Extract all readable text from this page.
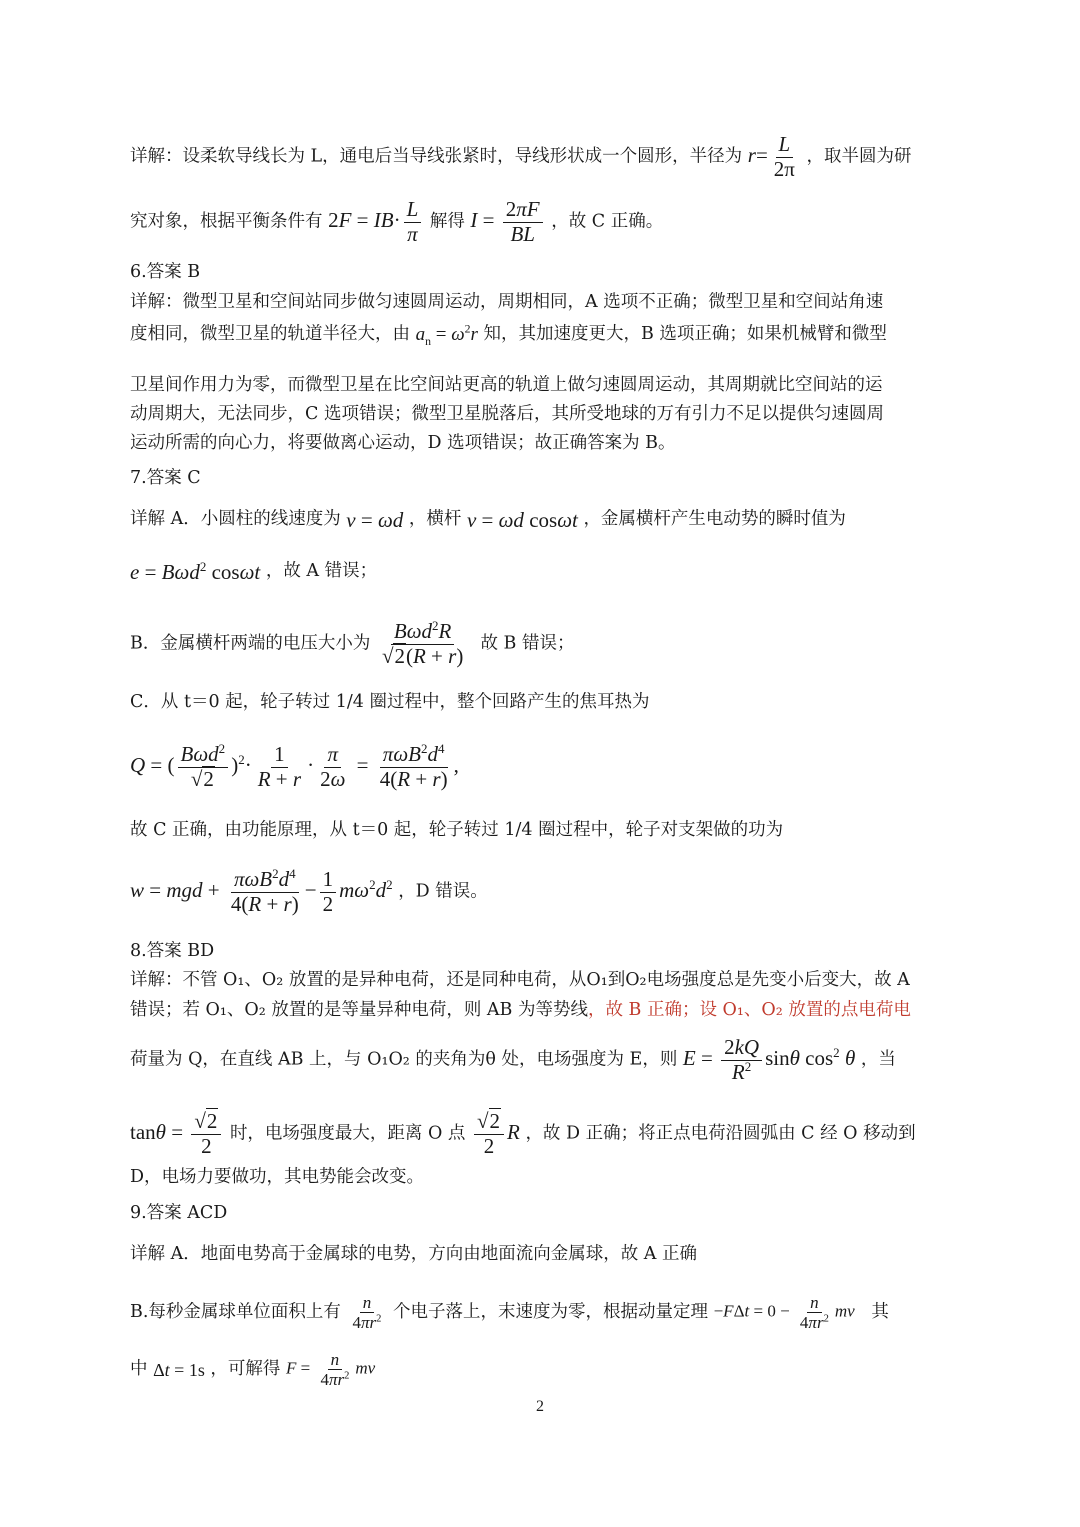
详解：设柔软导线长为 L，通电后当导线张紧时，导线形状成一个圆形，半径为 $r= \frac{L}{2\pi}$ ，取半圆为研
究对象，根据平衡条件有 $2F = IB\cdot \frac{L}{\pi}$ 解得 $I = \frac{2\pi F}{BL}$ ，故 C 正确。
6.答案 B
详解：微型卫星和空间站同步做匀速圆周运动，周期相同，A 选项不正确；微型卫星和空间站角速
度相同，微型卫星的轨道半径大，由 $a_n = \omega^2r$ 知，其加速度更大，B 选项正确；如果机械臂和微型
卫星间作用力为零，而微型卫星在比空间站更高的轨道上做匀速圆周运动，其周期就比空间站的运
动周期大，无法同步，C 选项错误；微型卫星脱落后，其所受地球的万有引力不足以提供匀速圆周
运动所需的向心力，将要做离心运动，D 选项错误；故正确答案为 B。
7.答案 C
详解 A．小圆柱的线速度为 v = ωd ，横杆 v = ωd cosωt ，金属横杆产生电动势的瞬时值为
e = Bωd$^2$ cosωt ，故 A 错误；
B．金属横杆两端的电压大小为 $\frac{B\omega d^2R}{√2(R + r)}$ 故 B 错误；
C．从 t＝0 起，轮子转过 1/4 圈过程中，整个回路产生的焦耳热为
Q = ( $\frac{B\omega d^2}{√2} )^2\cdot \frac{1}{R + r} \cdot \frac{\pi}{2\omega} = \frac{\pi\omega B^2d^4}{4(R + r)}$ ,
故 C 正确，由功能原理，从 t＝0 起，轮子转过 1/4 圈过程中，轮子对支架做的功为
w = mgd + $\frac{\pi\omega B^2d^4}{4(R + r)} - \frac{1}{2} m\omega^2d^2$ ，D 错误。
8.答案 BD
详解：不管 O₁、O₂ 放置的是异种电荷，还是同种电荷，从O₁到O₂电场强度总是先变小后变大，故 A
错误；若 O₁、O₂ 放置的是等量异种电荷，则 AB 为等势线，故 B 正确；设 O₁、O₂ 放置的点电荷电
荷量为 Q，在直线 AB 上，与 O₁O₂ 的夹角为θ 处，电场强度为 E，则 $E = \frac{2kQ}{R^2}$ sinθ $\cos^2 \theta$ ，当
$\tan\theta = \frac{√2}{2}$ 时，电场强度最大，距离 O 点 $\frac{√2}{2}$ R ，故 D 正确；将正点电荷沿圆弧由 C 经 O 移动到
D，电场力要做功，其电势能会改变。
9.答案 ACD
详解 A．地面电势高于金属球的电势，方向由地面流向金属球，故 A 正确
B.每秒金属球单位面积上有 $\frac{n}{4\pi r^2}$ 个电子落上，末速度为零，根据动量定理 $-F\Delta t = 0 - \frac{n}{4\pi r^2}$ mv 其
中 Δt = 1s ，可解得 $F = \frac{n}{4\pi r^2}$ mv
2
